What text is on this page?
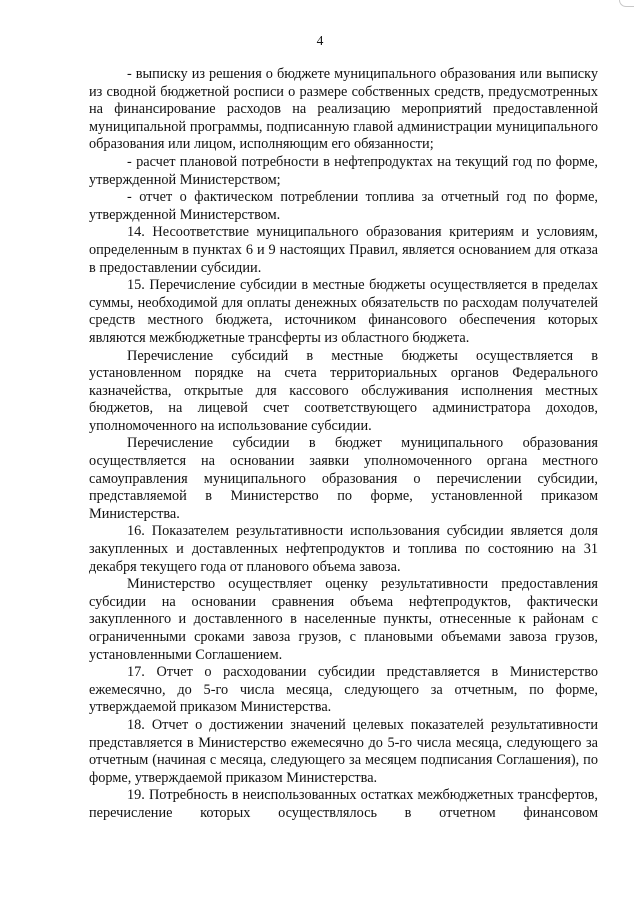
4

- выписку из решения о бюджете муниципального образования или выписку из сводной бюджетной росписи о размере собственных средств, предусмотренных на финансирование расходов на реализацию мероприятий предоставленной муниципальной программы, подписанную главой администрации муниципального образования или лицом, исполняющим его обязанности;

- расчет плановой потребности в нефтепродуктах на текущий год по форме, утвержденной Министерством;

- отчет о фактическом потреблении топлива за отчетный год по форме, утвержденной Министерством.

14. Несоответствие муниципального образования критериям и условиям, определенным в пунктах 6 и 9 настоящих Правил, является основанием для отказа в предоставлении субсидии.

15. Перечисление субсидии в местные бюджеты осуществляется в пределах суммы, необходимой для оплаты денежных обязательств по расходам получателей средств местного бюджета, источником финансового обеспечения которых являются межбюджетные трансферты из областного бюджета.

Перечисление субсидий в местные бюджеты осуществляется в установленном порядке на счета территориальных органов Федерального казначейства, открытые для кассового обслуживания исполнения местных бюджетов, на лицевой счет соответствующего администратора доходов, уполномоченного на использование субсидии.

Перечисление субсидии в бюджет муниципального образования осуществляется на основании заявки уполномоченного органа местного самоуправления муниципального образования о перечислении субсидии, представляемой в Министерство по форме, установленной приказом Министерства.

16. Показателем результативности использования субсидии является доля закупленных и доставленных нефтепродуктов и топлива по состоянию на 31 декабря текущего года от планового объема завоза.

Министерство осуществляет оценку результативности предоставления субсидии на основании сравнения объема нефтепродуктов, фактически закупленного и доставленного в населенные пункты, отнесенные к районам с ограниченными сроками завоза грузов, с плановыми объемами завоза грузов, установленными Соглашением.

17. Отчет о расходовании субсидии представляется в Министерство ежемесячно, до 5-го числа месяца, следующего за отчетным, по форме, утверждаемой приказом Министерства.

18. Отчет о достижении значений целевых показателей результативности представляется в Министерство ежемесячно до 5-го числа месяца, следующего за отчетным (начиная с месяца, следующего за месяцем подписания Соглашения), по форме, утверждаемой приказом Министерства.

19. Потребность в неиспользованных остатках межбюджетных трансфертов, перечисление которых осуществлялось в отчетном финансовом
